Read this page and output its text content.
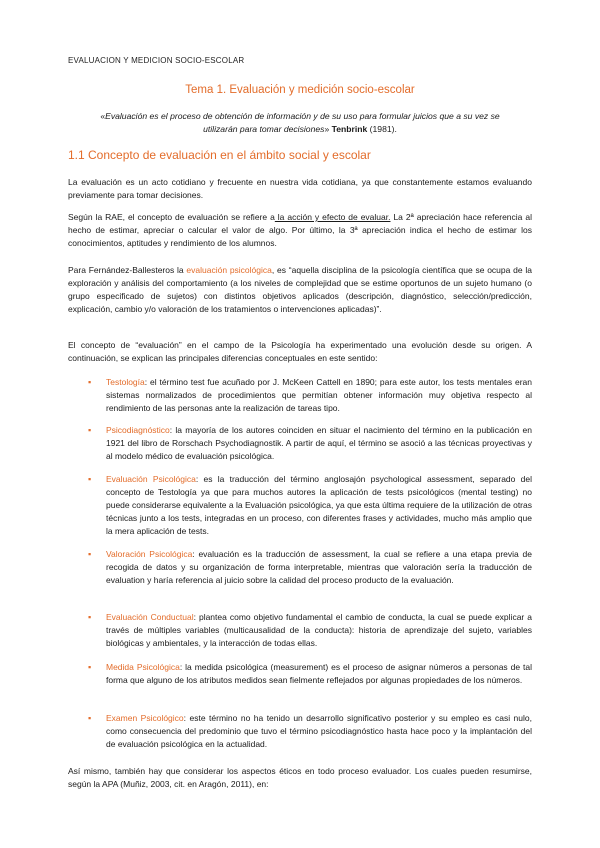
EVALUACION Y MEDICION SOCIO-ESCOLAR
Tema 1. Evaluación y medición socio-escolar
«Evaluación es el proceso de obtención de información y de su uso para formular juicios que a su vez se utilizarán para tomar decisiones» Tenbrink (1981).
1.1 Concepto de evaluación en el ámbito social y escolar

La evaluación es un acto cotidiano y frecuente en nuestra vida cotidiana, ya que constantemente estamos evaluando previamente para tomar decisiones.

Según la RAE, el concepto de evaluación se refiere a la acción y efecto de evaluar. La 2ª apreciación hace referencia al hecho de estimar, apreciar o calcular el valor de algo. Por último, la 3ª apreciación indica el hecho de estimar los conocimientos, aptitudes y rendimiento de los alumnos.

Para Fernández-Ballesteros la evaluación psicológica, es “aquella disciplina de la psicología científica que se ocupa de la exploración y análisis del comportamiento (a los niveles de complejidad que se estime oportunos de un sujeto humano (o grupo especificado de sujetos) con distintos objetivos aplicados (descripción, diagnóstico, selección/predicción, explicación, cambio y/o valoración de los tratamientos o intervenciones aplicadas)”.

El concepto de “evaluación” en el campo de la Psicología ha experimentado una evolución desde su origen. A continuación, se explican las principales diferencias conceptuales en este sentido:

▪ Testología: el término test fue acuñado por J. McKeen Cattell en 1890; para este autor, los tests mentales eran sistemas normalizados de procedimientos que permitían obtener información muy objetiva respecto al rendimiento de las personas ante la realización de tareas tipo.
▪ Psicodiagnóstico: la mayoría de los autores coinciden en situar el nacimiento del término en la publicación en 1921 del libro de Rorschach Psychodiagnostik. A partir de aquí, el término se asoció a las técnicas proyectivas y al modelo médico de evaluación psicológica.
▪ Evaluación Psicológica: es la traducción del término anglosajón psychological assessment, separado del concepto de Testología ya que para muchos autores la aplicación de tests psicológicos (mental testing) no puede considerarse equivalente a la Evaluación psicológica, ya que esta última requiere de la utilización de otras técnicas junto a los tests, integradas en un proceso, con diferentes frases y actividades, mucho más amplio que la mera aplicación de tests.
▪ Valoración Psicológica: evaluación es la traducción de assessment, la cual se refiere a una etapa previa de recogida de datos y su organización de forma interpretable, mientras que valoración sería la traducción de evaluation y haría referencia al juicio sobre la calidad del proceso producto de la evaluación.
▪ Evaluación Conductual: plantea como objetivo fundamental el cambio de conducta, la cual se puede explicar a través de múltiples variables (multicausalidad de la conducta): historia de aprendizaje del sujeto, variables biológicas y ambientales, y la interacción de todas ellas.
▪ Medida Psicológica: la medida psicológica (measurement) es el proceso de asignar números a personas de tal forma que alguno de los atributos medidos sean fielmente reflejados por algunas propiedades de los números.
▪ Examen Psicológico: este término no ha tenido un desarrollo significativo posterior y su empleo es casi nulo, como consecuencia del predominio que tuvo el término psicodiagnóstico hasta hace poco y la implantación del de evaluación psicológica en la actualidad.

Así mismo, también hay que considerar los aspectos éticos en todo proceso evaluador. Los cuales pueden resumirse, según la APA (Muñiz, 2003, cit. en Aragón, 2011), en:
